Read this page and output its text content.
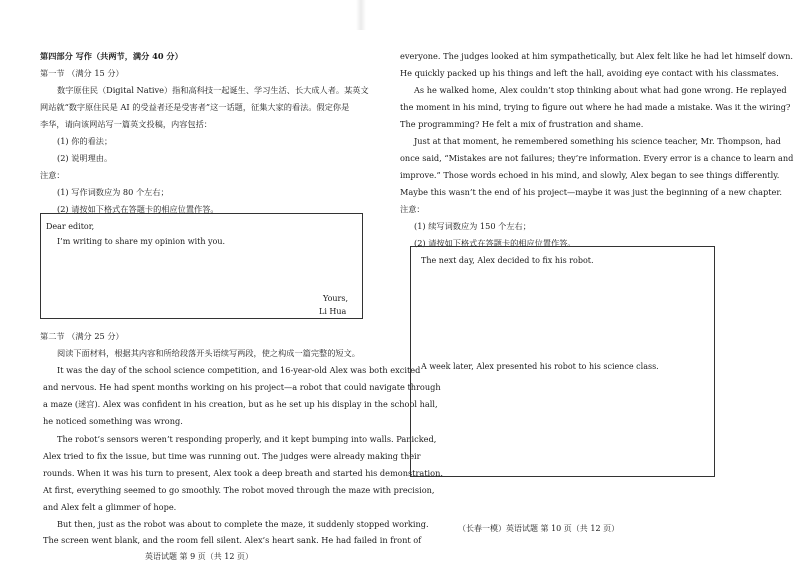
第四部分 写作（共两节，满分 40 分）
第一节 （满分 15 分）
数字原住民（Digital Native）指和高科技一起诞生、学习生活、长大成人者。某英文
网站就“数字原住民是 AI 的受益者还是受害者”这一话题，征集大家的看法。假定你是
李华，请向该网站写一篇英文投稿，内容包括：
(1) 你的看法；
(2) 说明理由。
注意：
(1) 写作词数应为 80 个左右；
(2) 请按如下格式在答题卡的相应位置作答。
Dear editor,
I’m writing to share my opinion with you.
Yours,
Li Hua
第二节 （满分 25 分）
阅读下面材料，根据其内容和所给段落开头语续写两段，使之构成一篇完整的短文。
It was the day of the school science competition, and 16-year-old Alex was both excited
and nervous. He had spent months working on his project—a robot that could navigate through
a maze (迷宫). Alex was confident in his creation, but as he set up his display in the school hall,
he noticed something was wrong.
The robot’s sensors weren’t responding properly, and it kept bumping into walls. Panicked,
Alex tried to fix the issue, but time was running out. The judges were already making their
rounds. When it was his turn to present, Alex took a deep breath and started his demonstration.
At first, everything seemed to go smoothly. The robot moved through the maze with precision,
and Alex felt a glimmer of hope.
But then, just as the robot was about to complete the maze, it suddenly stopped working.
The screen went blank, and the room fell silent. Alex’s heart sank. He had failed in front of
英语试题 第 9 页（共 12 页）
everyone. The judges looked at him sympathetically, but Alex felt like he had let himself down.
He quickly packed up his things and left the hall, avoiding eye contact with his classmates.
As he walked home, Alex couldn’t stop thinking about what had gone wrong. He replayed
the moment in his mind, trying to figure out where he had made a mistake. Was it the wiring?
The programming? He felt a mix of frustration and shame.
Just at that moment, he remembered something his science teacher, Mr. Thompson, had
once said, “Mistakes are not failures; they’re information. Every error is a chance to learn and
improve.” Those words echoed in his mind, and slowly, Alex began to see things differently.
Maybe this wasn’t the end of his project—maybe it was just the beginning of a new chapter.
注意：
(1) 续写词数应为 150 个左右；
(2) 请按如下格式在答题卡的相应位置作答。
The next day, Alex decided to fix his robot.
A week later, Alex presented his robot to his science class.
（长春一模）英语试题 第 10 页（共 12 页）
